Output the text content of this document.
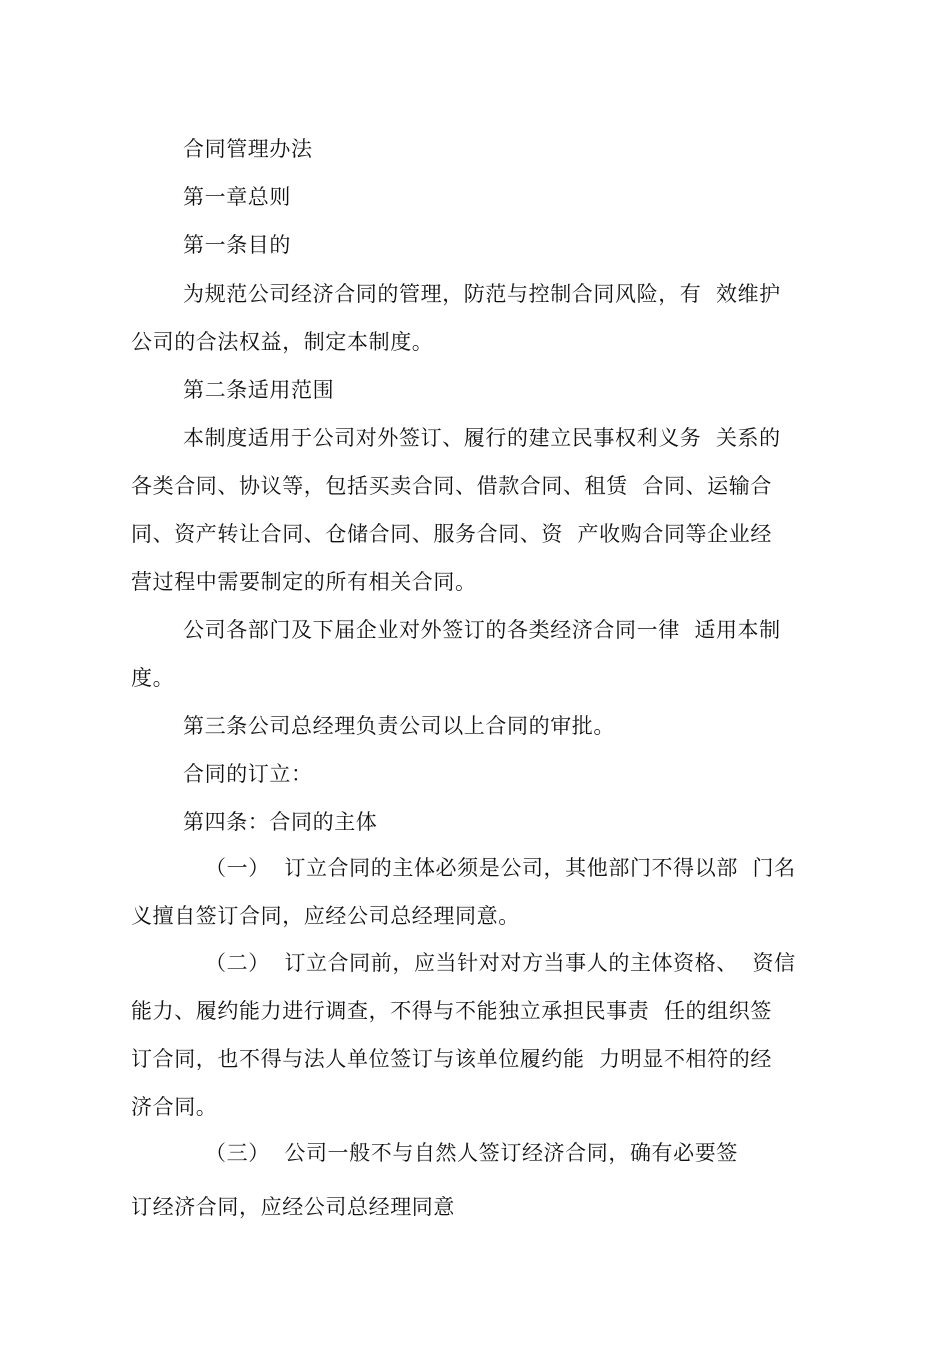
合同管理办法
第一章总则
第一条目的
为规范公司经济合同的管理，防范与控制合同风险，有  效维护
公司的合法权益，制定本制度。
第二条适用范围
本制度适用于公司对外签订、履行的建立民事权利义务  关系的
各类合同、协议等，包括买卖合同、借款合同、租赁  合同、运输合
同、资产转让合同、仓储合同、服务合同、资  产收购合同等企业经
营过程中需要制定的所有相关合同。
公司各部门及下届企业对外签订的各类经济合同一律  适用本制
度。
第三条公司总经理负责公司以上合同的审批。
合同的订立：
第四条：合同的主体
（一）  订立合同的主体必须是公司，其他部门不得以部  门名
义擅自签订合同，应经公司总经理同意。
（二）  订立合同前，应当针对对方当事人的主体资格、  资信
能力、履约能力进行调查，不得与不能独立承担民事责  任的组织签
订合同，也不得与法人单位签订与该单位履约能  力明显不相符的经
济合同。
（三）  公司一般不与自然人签订经济合同，确有必要签
订经济合同，应经公司总经理同意
